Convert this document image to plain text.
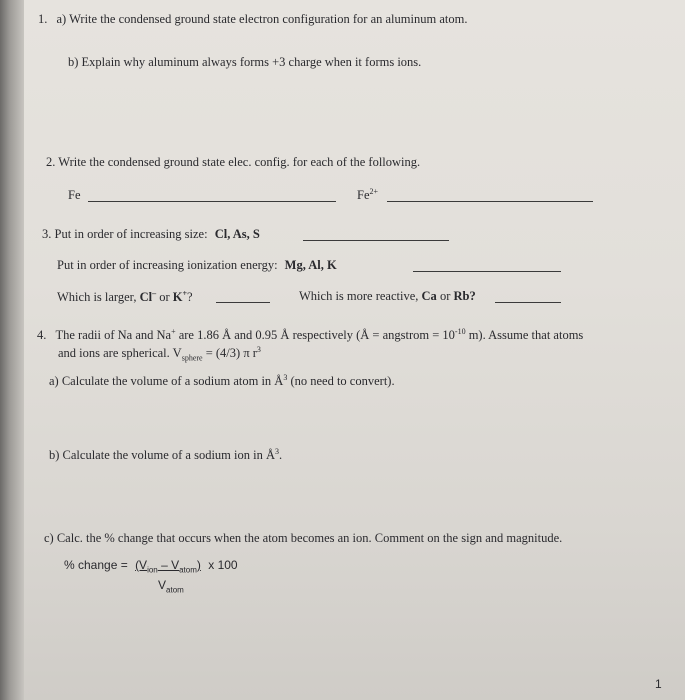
1. a) Write the condensed ground state electron configuration for an aluminum atom.
b) Explain why aluminum always forms +3 charge when it forms ions.
2. Write the condensed ground state elec. config. for each of the following.
Fe	$Fe^{2+}$
3. Put in order of increasing size: Cl, As, S
Put in order of increasing ionization energy: Mg, Al, K
Which is larger, Cl– or K+?	Which is more reactive, Ca or Rb?
4. The radii of Na and Na+ are 1.86 Å and 0.95 Å respectively (Å = angstrom = $10^{-10}$ m). Assume that atoms
and ions are spherical. $V_{sphere} = (4/3)$ π $r^3$
a) Calculate the volume of a sodium atom in $Å^3$ (no need to convert).
b) Calculate the volume of a sodium ion in $Å^3$.
c) Calc. the % change that occurs when the atom becomes an ion. Comment on the sign and magnitude.
% change = $(V_{ion} - V_{atom})$ x 100
$V_{atom}$
1
